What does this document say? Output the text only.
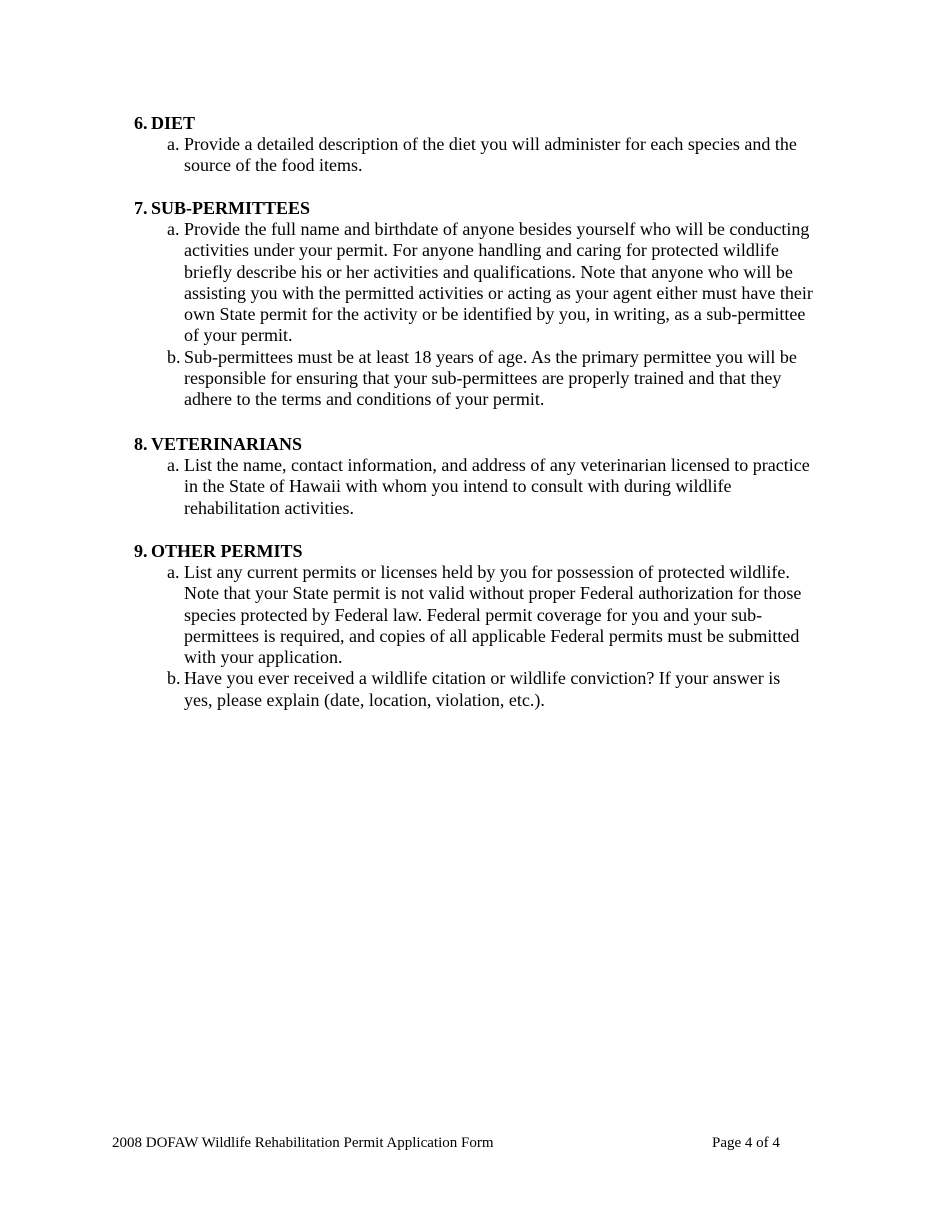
6. DIET
a. Provide a detailed description of the diet you will administer for each species and the
source of the food items.
7. SUB-PERMITTEES
a. Provide the full name and birthdate of anyone besides yourself who will be conducting
activities under your permit. For anyone handling and caring for protected wildlife
briefly describe his or her activities and qualifications. Note that anyone who will be
assisting you with the permitted activities or acting as your agent either must have their
own State permit for the activity or be identified by you, in writing, as a sub-permittee
of your permit.
b. Sub-permittees must be at least 18 years of age. As the primary permittee you will be
responsible for ensuring that your sub-permittees are properly trained and that they
adhere to the terms and conditions of your permit.
8. VETERINARIANS
a. List the name, contact information, and address of any veterinarian licensed to practice
in the State of Hawaii with whom you intend to consult with during wildlife
rehabilitation activities.
9. OTHER PERMITS
a. List any current permits or licenses held by you for possession of protected wildlife.
Note that your State permit is not valid without proper Federal authorization for those
species protected by Federal law. Federal permit coverage for you and your sub-
permittees is required, and copies of all applicable Federal permits must be submitted
with your application.
b. Have you ever received a wildlife citation or wildlife conviction? If your answer is
yes, please explain (date, location, violation, etc.).
2008 DOFAW Wildlife Rehabilitation Permit Application Form	Page 4 of 4
